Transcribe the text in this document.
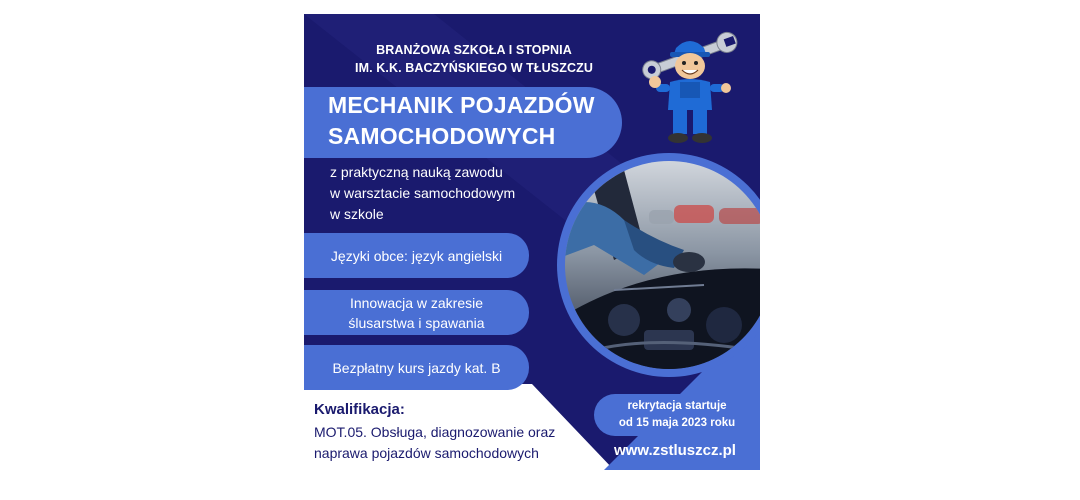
BRANŻOWA SZKOŁA I STOPNIA
IM. K.K. BACZYŃSKIEGO W TŁUSZCZU
MECHANIK POJAZDÓW
SAMOCHODOWYCH
z praktyczną nauką zawodu
w warsztacie samochodowym
w szkole
Języki obce: język angielski
Innowacja w zakresie
ślusarstwa i spawania
Bezpłatny kurs jazdy kat. B
Kwalifikacja:
MOT.05. Obsługa, diagnozowanie oraz
naprawa pojazdów samochodowych
rekrytacja startuje
od 15 maja 2023 roku
www.zstluszcz.pl
